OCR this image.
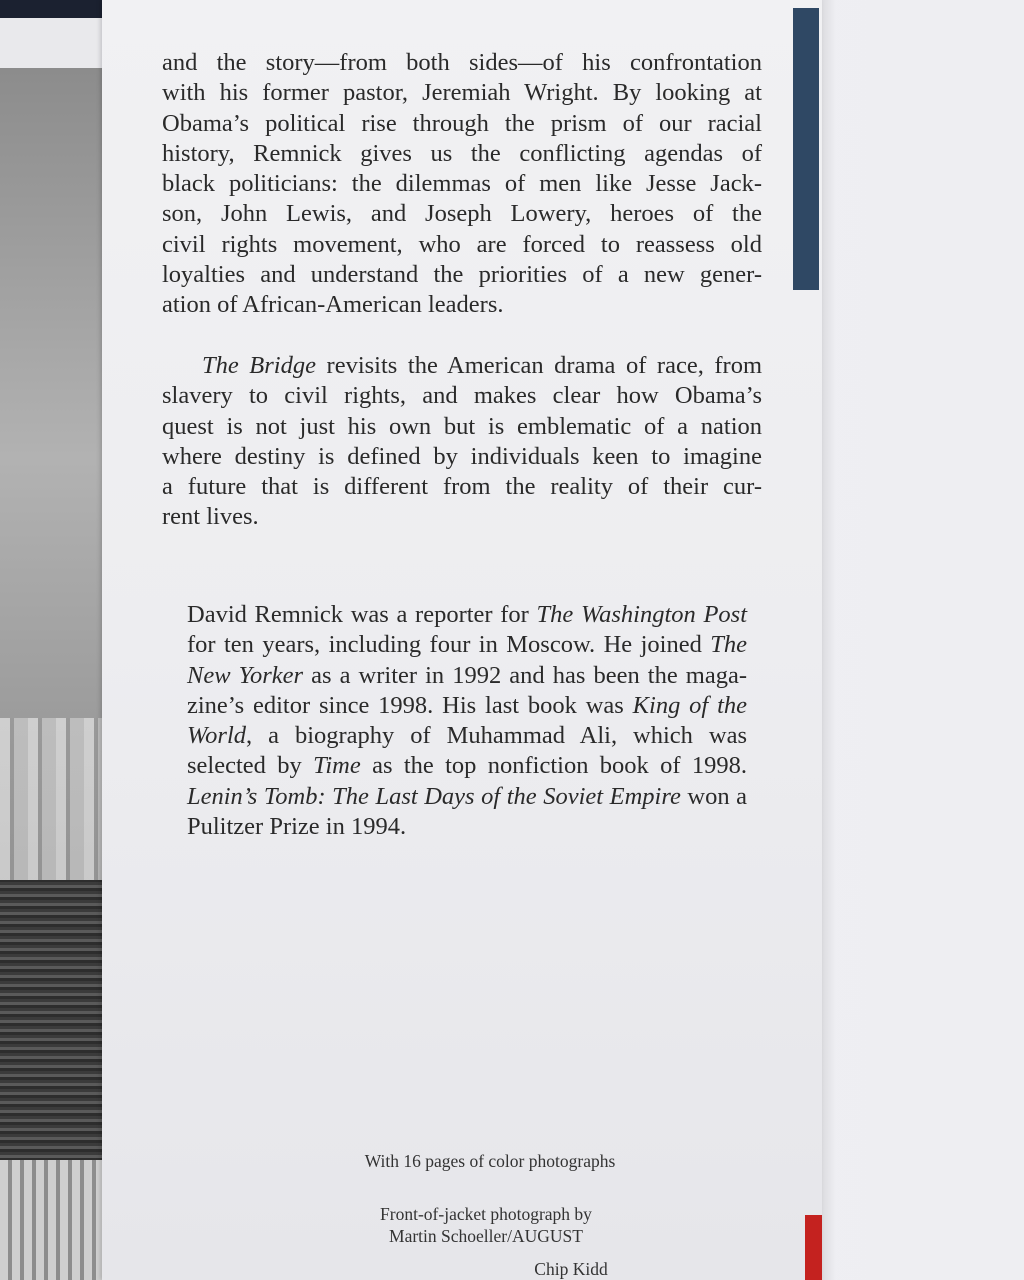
and the story—from both sides—of his confrontation
with his former pastor, Jeremiah Wright. By looking at
Obama’s political rise through the prism of our racial
history, Remnick gives us the conflicting agendas of
black politicians: the dilemmas of men like Jesse Jack-
son, John Lewis, and Joseph Lowery, heroes of the
civil rights movement, who are forced to reassess old
loyalties and understand the priorities of a new gener-
ation of African-American leaders.
The Bridge revisits the American drama of race, from
slavery to civil rights, and makes clear how Obama’s
quest is not just his own but is emblematic of a nation
where destiny is defined by individuals keen to imagine
a future that is different from the reality of their cur-
rent lives.
David Remnick was a reporter for The Washington Post
for ten years, including four in Moscow. He joined The
New Yorker as a writer in 1992 and has been the maga-
zine’s editor since 1998. His last book was King of the
World, a biography of Muhammad Ali, which was
selected by Time as the top nonfiction book of 1998.
Lenin’s Tomb: The Last Days of the Soviet Empire won a
Pulitzer Prize in 1994.
With 16 pages of color photographs
Front-of-jacket photograph by
Martin Schoeller/AUGUST
Chip Kidd
